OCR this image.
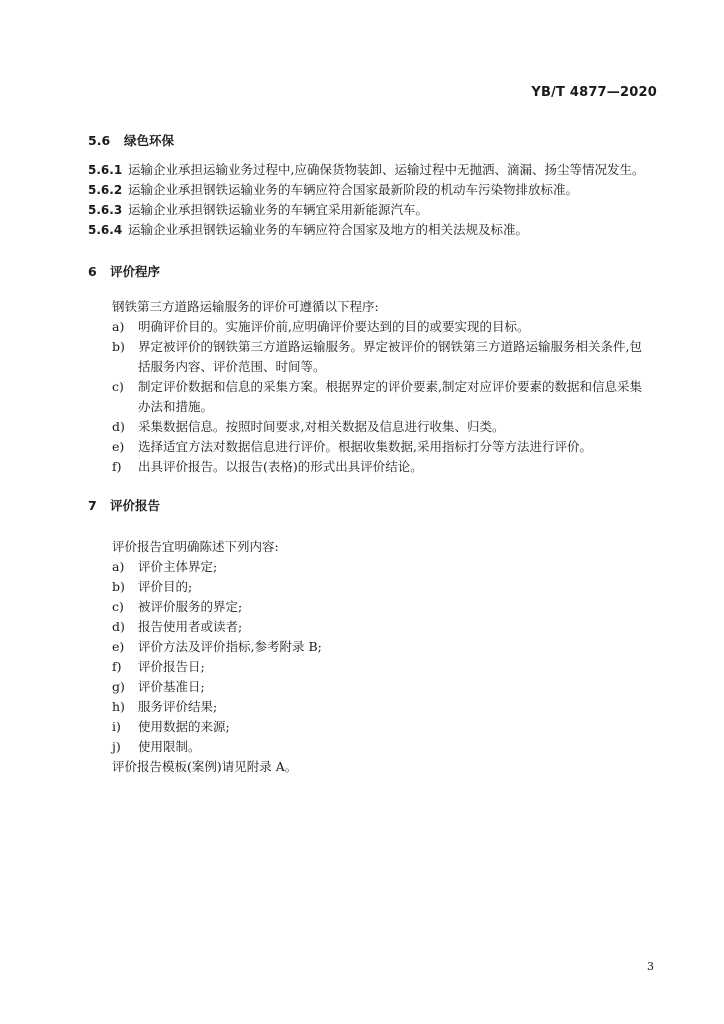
YB/T 4877—2020
5.6 绿色环保
5.6.1 运输企业承担运输业务过程中,应确保货物装卸、运输过程中无抛洒、滴漏、扬尘等情况发生。
5.6.2 运输企业承担钢铁运输业务的车辆应符合国家最新阶段的机动车污染物排放标准。
5.6.3 运输企业承担钢铁运输业务的车辆宜采用新能源汽车。
5.6.4 运输企业承担钢铁运输业务的车辆应符合国家及地方的相关法规及标准。
6 评价程序
钢铁第三方道路运输服务的评价可遵循以下程序:
a) 明确评价目的。实施评价前,应明确评价要达到的目的或要实现的目标。
b) 界定被评价的钢铁第三方道路运输服务。界定被评价的钢铁第三方道路运输服务相关条件,包
括服务内容、评价范围、时间等。
c) 制定评价数据和信息的采集方案。根据界定的评价要素,制定对应评价要素的数据和信息采集
办法和措施。
d) 采集数据信息。按照时间要求,对相关数据及信息进行收集、归类。
e) 选择适宜方法对数据信息进行评价。根据收集数据,采用指标打分等方法进行评价。
f) 出具评价报告。以报告(表格)的形式出具评价结论。
7 评价报告
评价报告宜明确陈述下列内容:
a) 评价主体界定;
b) 评价目的;
c) 被评价服务的界定;
d) 报告使用者或读者;
e) 评价方法及评价指标,参考附录 B;
f) 评价报告日;
g) 评价基准日;
h) 服务评价结果;
i) 使用数据的来源;
j) 使用限制。
评价报告模板(案例)请见附录 A。
3
